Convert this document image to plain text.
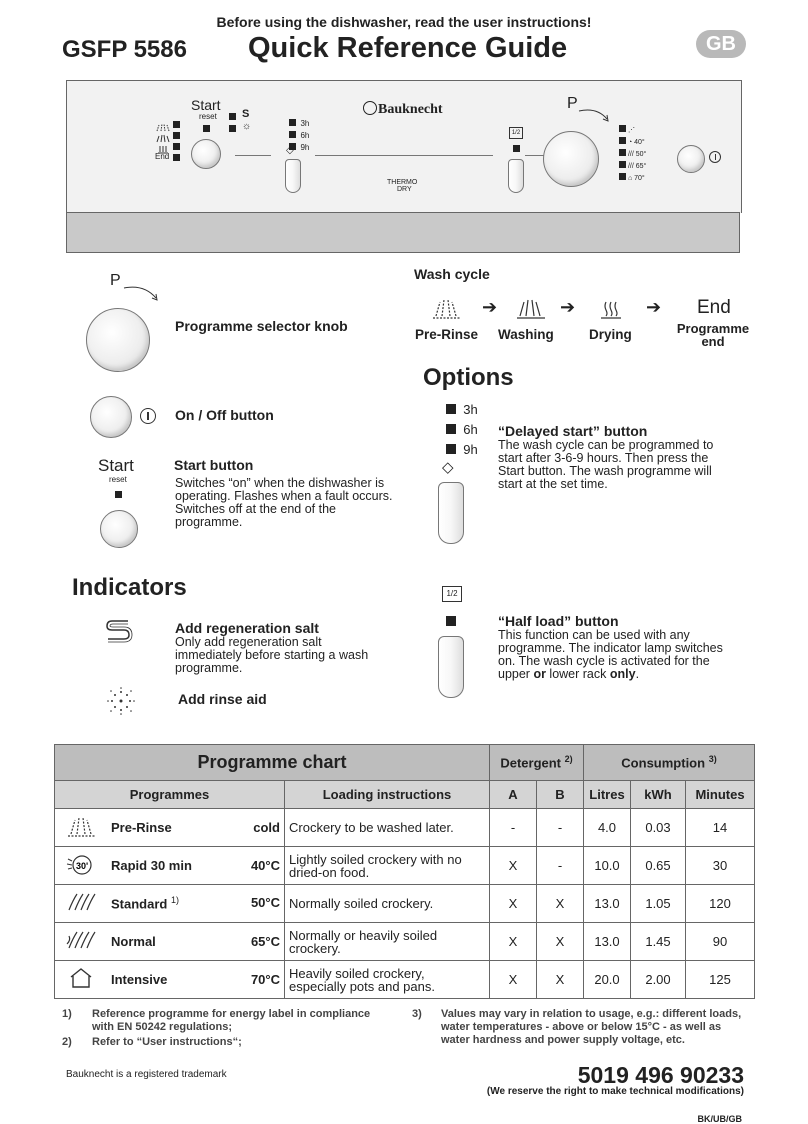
Before using the dishwasher, read the user instructions!
GSFP 5586 Quick Reference Guide	GB
End
Start
reset S
☼	3h
6h
9h
◇
Bauknecht
THERMO
DRY
1/2
P
⋰
◔ 40°
/// 50°
/// 65°
⌂ 70°
P
Programme selector knob
On / Off button
Start
reset
Start button
Switches “on” when the dishwasher is operating. Flashes when a fault occurs. Switches off at the end of the programme.
Indicators
Add regeneration salt
Only add regeneration salt immediately before starting a wash programme.
Add rinse aid
Wash cycle
➔	➔	➔ End
Pre-Rinse Washing	Drying	Programme end
Options
3h
6h
9h
◇
“Delayed start” button
The wash cycle can be programmed to start after 3-6-9 hours. Then press the Start button. The wash programme will start at the set time.
1/2
“Half load” button
This function can be used with any programme. The indicator lamp switches on. The wash cycle is activated for the upper or lower rack only.
Programme chart			Detergent $^{2)}$		Consumption $^{3)}$
Programmes		Loading instructions	A	B	Litres	kWh	Minutes
	Pre-Rinse cold	Crockery to be washed later.	-	-	4.0	0.03	14

30'	Rapid 30 min 40°C	Lightly soiled crockery with no dried-on food.	X	-	10.0	0.65	30
	Standard $^{1)}$ 50°C	Normally soiled crockery.	X	X	13.0	1.05	120
	Normal 65°C	Normally or heavily soiled crockery.	X	X	13.0	1.45	90
	Intensive 70°C	Heavily soiled crockery, especially pots and pans.	X	X	20.0	2.00	125
1) Reference programme for energy label in compliance with EN 50242 regulations;
2) Refer to “User instructions“;
3) Values may vary in relation to usage, e.g.: different loads, water temperatures - above or below 15°C - as well as water hardness and power supply voltage, etc.
Bauknecht is a registered trademark	5019 496 90233
(We reserve the right to make technical modifications)
BK/UB/GB
